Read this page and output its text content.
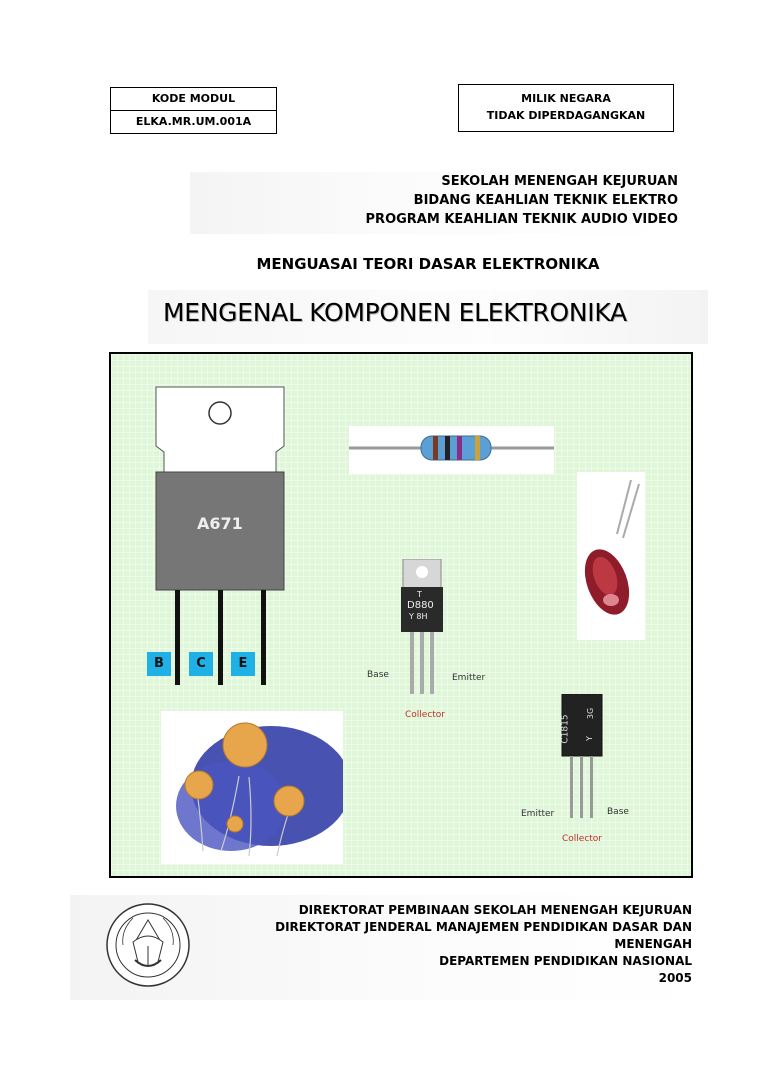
KODE MODUL
ELKA.MR.UM.001A
MILIK NEGARA
TIDAK DIPERDAGANGKAN
SEKOLAH MENENGAH KEJURUAN
BIDANG KEAHLIAN TEKNIK ELEKTRO
PROGRAM KEAHLIAN TEKNIK AUDIO VIDEO
MENGUASAI TEORI DASAR ELEKTRONIKA
MENGENAL KOMPONEN ELEKTRONIKA
A671
B	C	E
T
D880
Y 8H
Base	Emitter
Collector	C1815 Y
3G
Emitter	Base
Collector
DIREKTORAT PEMBINAAN SEKOLAH MENENGAH KEJURUAN
DIREKTORAT JENDERAL MANAJEMEN PENDIDIKAN DASAR DAN MENENGAH
DEPARTEMEN PENDIDIKAN NASIONAL
2005
